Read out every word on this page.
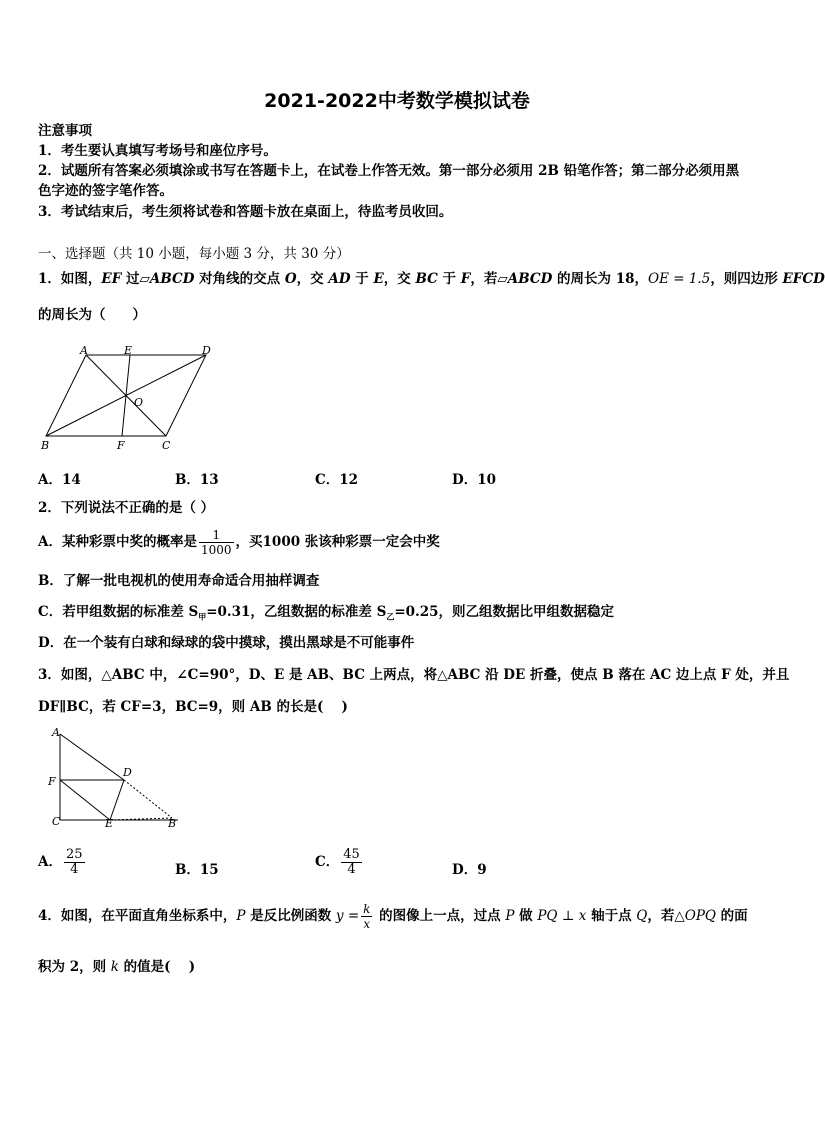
2021-2022中考数学模拟试卷
注意事项
1．考生要认真填写考场号和座位序号。
2．试题所有答案必须填涂或书写在答题卡上，在试卷上作答无效。第一部分必须用 2B 铅笔作答；第二部分必须用黑
色字迹的签字笔作答。
3．考试结束后，考生须将试卷和答题卡放在桌面上，待监考员收回。
一、选择题（共 10 小题，每小题 3 分，共 30 分）
1．如图，EF 过▱ABCD 对角线的交点 O，交 AD 于 E，交 BC 于 F，若▱ABCD 的周长为 18，OE = 1.5，则四边形 EFCD
的周长为（　　）
A	E	D
O
B	F	C
A．14	B．13	C．12	D．10
2．下列说法不正确的是（ ）
A．某种彩票中奖的概率是 $\frac{1}{1000}$ ，买1000 张该种彩票一定会中奖
B．了解一批电视机的使用寿命适合用抽样调查
C．若甲组数据的标准差 $S_甲=0.31$，乙组数据的标准差 $S_乙=0.25$，则乙组数据比甲组数据稳定
D．在一个装有白球和绿球的袋中摸球，摸出黑球是不可能事件
3．如图，△ABC 中，∠C=90°，D、E 是 AB、BC 上两点，将△ABC 沿 DE 折叠，使点 B 落在 AC 边上点 F 处，并且
DF∥BC，若 CF=3，BC=9，则 AB 的长是(　 )
A
F
D
C	E	B
A． $\frac{25}{4}$	B．15	C． $\frac{45}{4}$	D．9
4．如图，在平面直角坐标系中，P 是反比例函数 $y = \frac{k}{x}$ 的图像上一点，过点 P 做 PQ ⊥ x 轴于点 Q，若△OPQ 的面
积为 2，则 k 的值是(　 )
